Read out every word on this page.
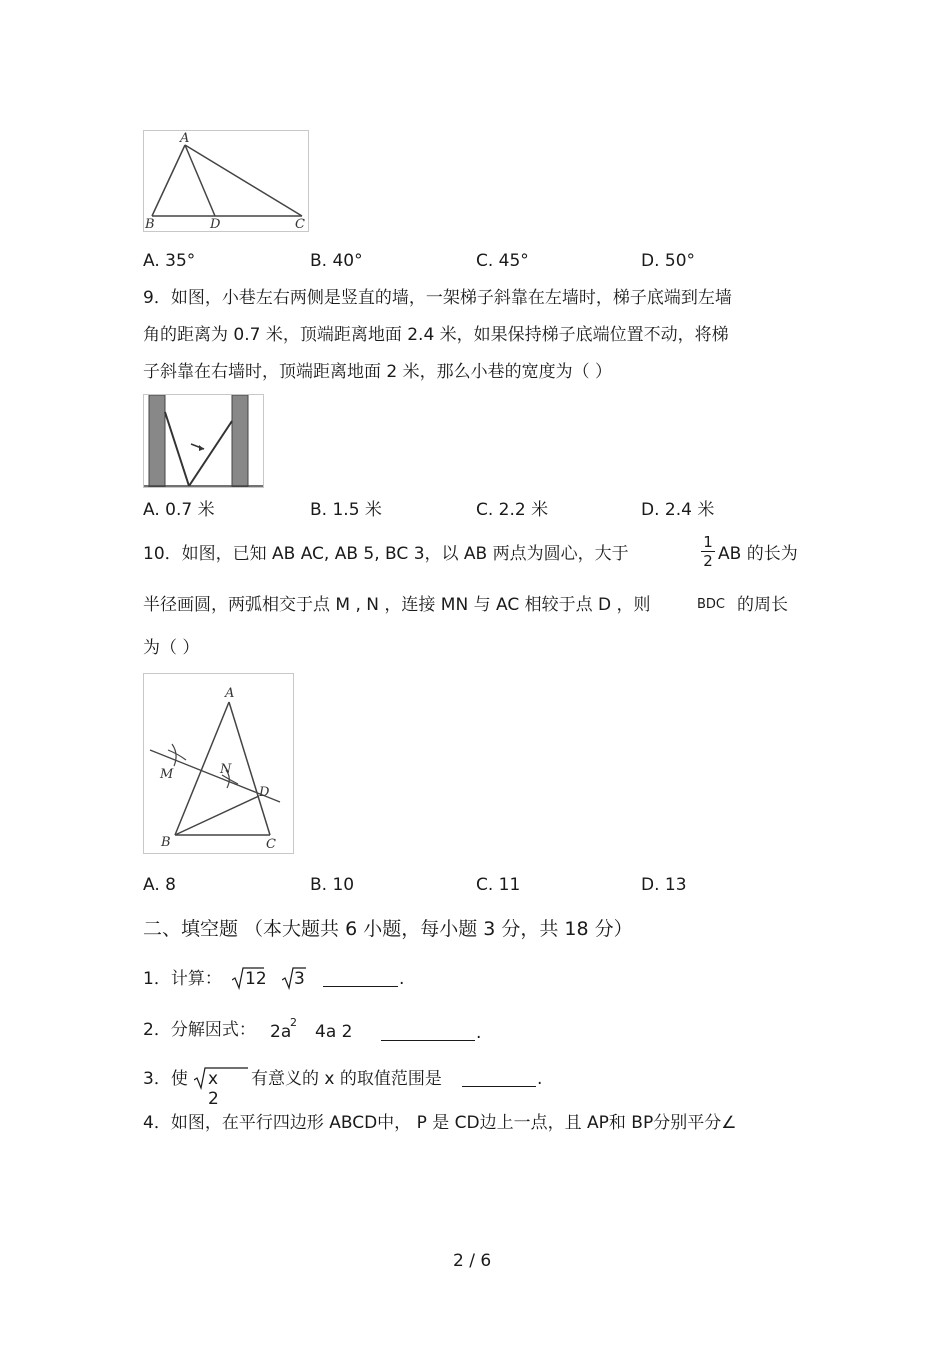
A
B	D	C
A. 35°	B. 40°	C. 45°	D. 50°
9．如图，小巷左右两侧是竖直的墙，一架梯子斜靠在左墙时，梯子底端到左墙
角的距离为 0.7 米，顶端距离地面 2.4 米，如果保持梯子底端位置不动，将梯
子斜靠在右墙时，顶端距离地面 2 米，那么小巷的宽度为（ ）
A. 0.7 米	B. 1.5 米	C. 2.2 米	D. 2.4 米
10．如图，已知 AB AC, AB 5, BC 3，以 AB 两点为圆心，大于
1
2 AB 的长为
半径画圆，两弧相交于点 M , N ，连接 MN 与 AC 相较于点 D ，则	BDC 的周长
为（ ）
A
M	N
D
B	C
A. 8	B. 10	C. 11	D. 13
二、填空题 （本大题共 6 小题，每小题 3 分，共 18 分）
1．计算： 12 3	.
2．分解因式： 2a
2 4a 2	.
3．使 x 2
有意义的 x 的取值范围是	.
4．如图，在平行四边形 ABCD中， P 是 CD边上一点，且 AP和 BP分别平分∠
2 / 6
